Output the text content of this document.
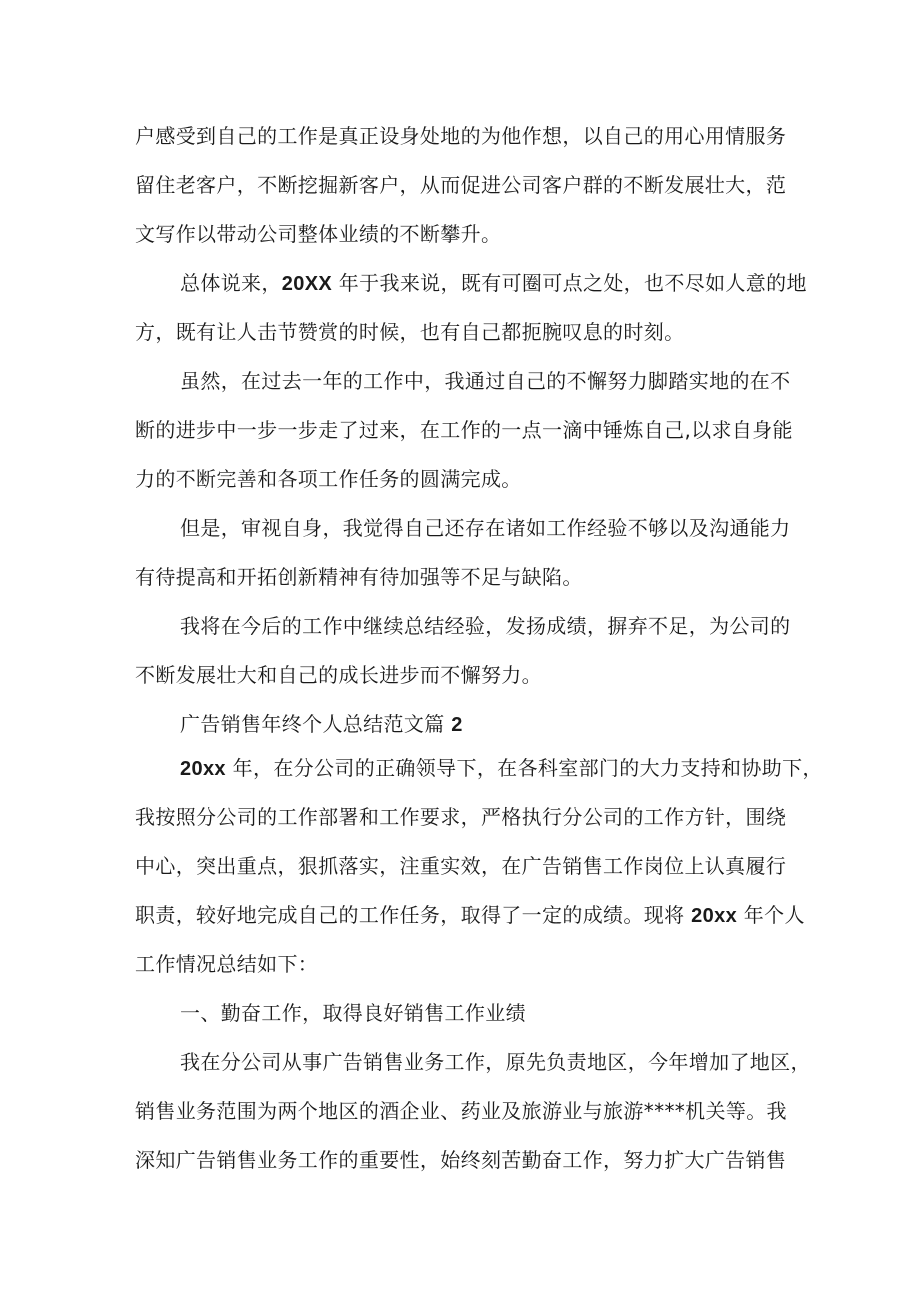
户感受到自己的工作是真正设身处地的为他作想，以自己的用心用情服务
留住老客户，不断挖掘新客户，从而促进公司客户群的不断发展壮大，范
文写作以带动公司整体业绩的不断攀升。
总体说来，20XX 年于我来说，既有可圈可点之处，也不尽如人意的地
方，既有让人击节赞赏的时候，也有自己都扼腕叹息的时刻。
虽然，在过去一年的工作中，我通过自己的不懈努力脚踏实地的在不
断的进步中一步一步走了过来，在工作的一点一滴中锤炼自己,以求自身能
力的不断完善和各项工作任务的圆满完成。
但是，审视自身，我觉得自己还存在诸如工作经验不够以及沟通能力
有待提高和开拓创新精神有待加强等不足与缺陷。
我将在今后的工作中继续总结经验，发扬成绩，摒弃不足，为公司的
不断发展壮大和自己的成长进步而不懈努力。
广告销售年终个人总结范文篇 2
20xx 年，在分公司的正确领导下，在各科室部门的大力支持和协助下，
我按照分公司的工作部署和工作要求，严格执行分公司的工作方针，围绕
中心，突出重点，狠抓落实，注重实效，在广告销售工作岗位上认真履行
职责，较好地完成自己的工作任务，取得了一定的成绩。现将 20xx 年个人
工作情况总结如下：
一、勤奋工作，取得良好销售工作业绩
我在分公司从事广告销售业务工作，原先负责地区，今年增加了地区，
销售业务范围为两个地区的酒企业、药业及旅游业与旅游****机关等。我
深知广告销售业务工作的重要性，始终刻苦勤奋工作，努力扩大广告销售
